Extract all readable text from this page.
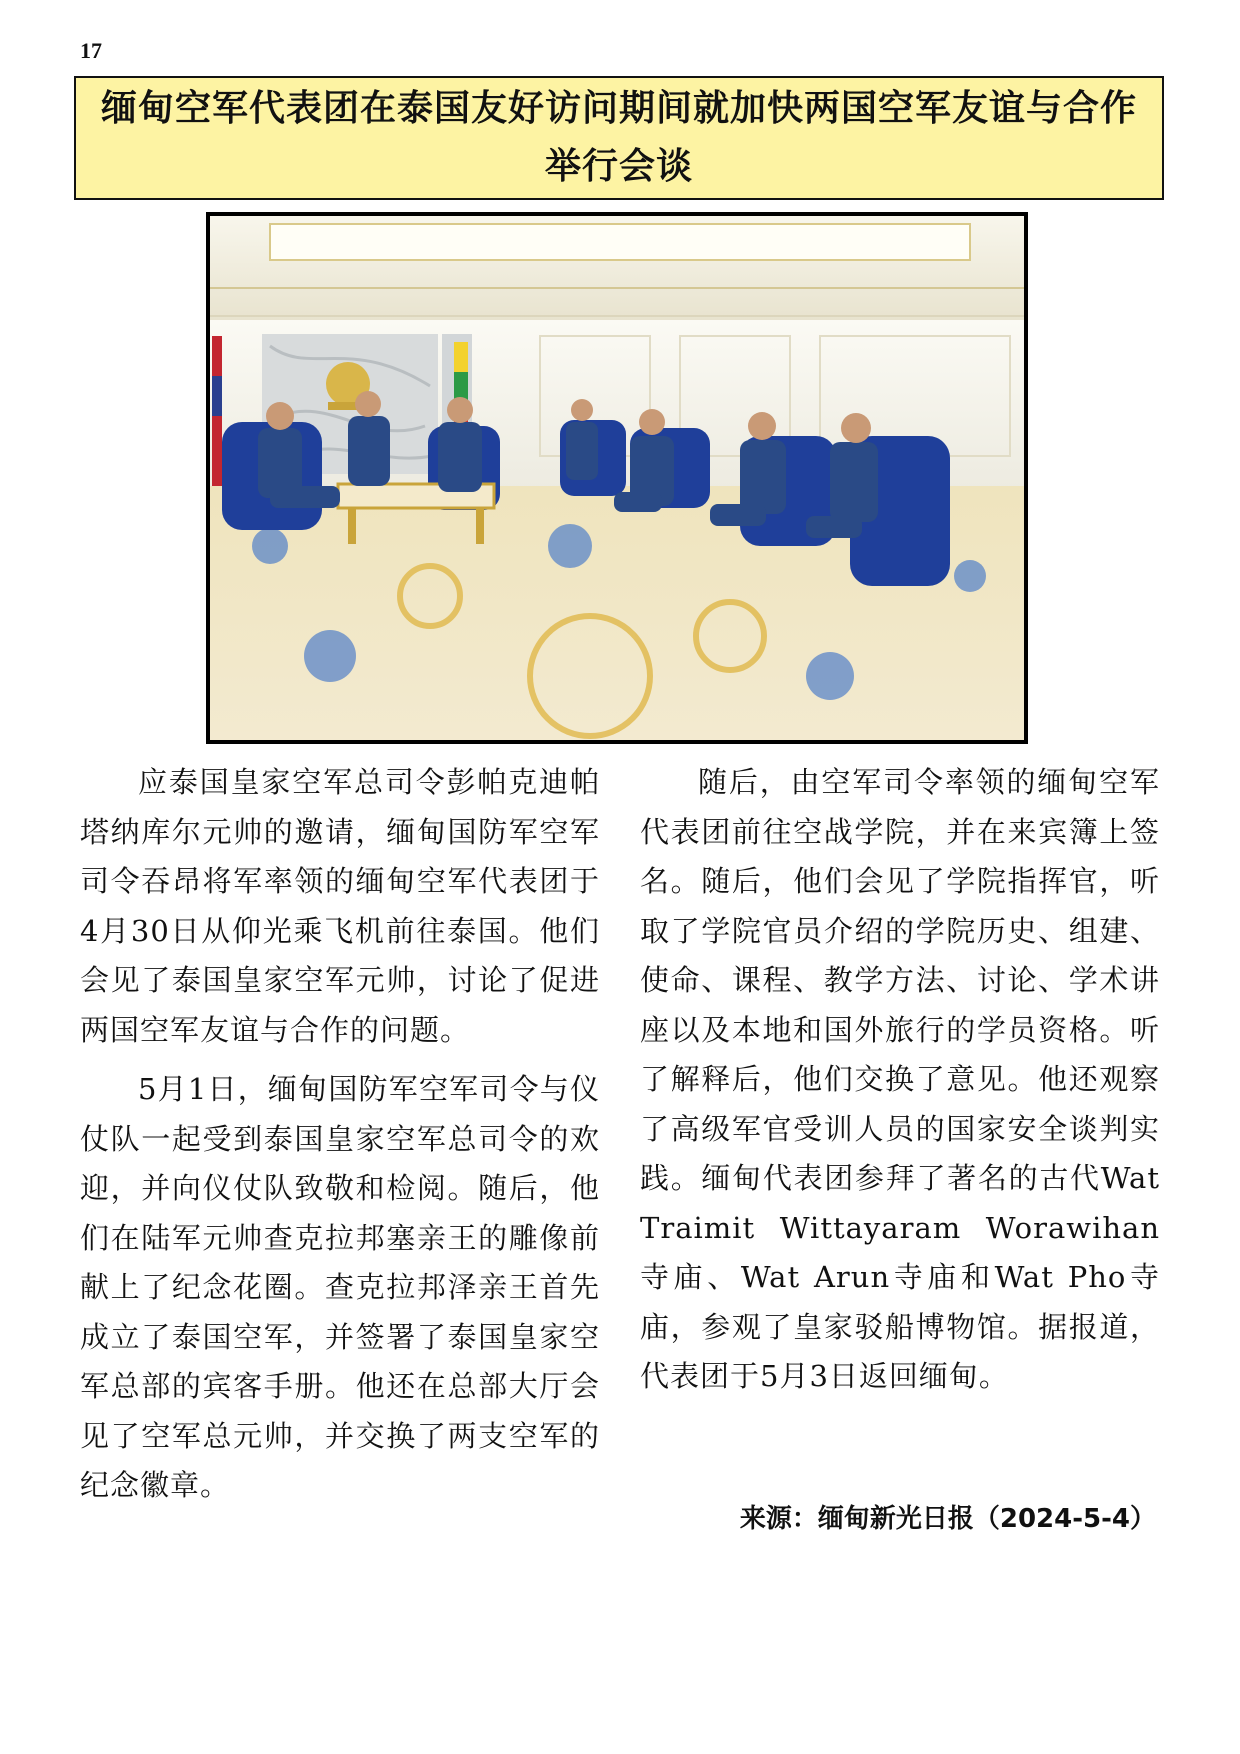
17
缅甸空军代表团在泰国友好访问期间就加快两国空军友谊与合作举行会谈

应泰国皇家空军总司令彭帕克迪帕塔纳库尔元帅的邀请，缅甸国防军空军司令吞昂将军率领的缅甸空军代表团于4月30日从仰光乘飞机前往泰国。他们会见了泰国皇家空军元帅，讨论了促进两国空军友谊与合作的问题。

5月1日，缅甸国防军空军司令与仪仗队一起受到泰国皇家空军总司令的欢迎，并向仪仗队致敬和检阅。随后，他们在陆军元帅查克拉邦塞亲王的雕像前献上了纪念花圈。查克拉邦泽亲王首先成立了泰国空军，并签署了泰国皇家空军总部的宾客手册。他还在总部大厅会见了空军总元帅，并交换了两支空军的纪念徽章。

随后，由空军司令率领的缅甸空军代表团前往空战学院，并在来宾簿上签名。随后，他们会见了学院指挥官，听取了学院官员介绍的学院历史、组建、使命、课程、教学方法、讨论、学术讲座以及本地和国外旅行的学员资格。听了解释后，他们交换了意见。他还观察了高级军官受训人员的国家安全谈判实践。缅甸代表团参拜了著名的古代Wat Traimit Wittayaram Worawihan寺庙、Wat Arun寺庙和Wat Pho寺庙，参观了皇家驳船博物馆。据报道，代表团于5月3日返回缅甸。

来源：缅甸新光日报（2024-5-4）
